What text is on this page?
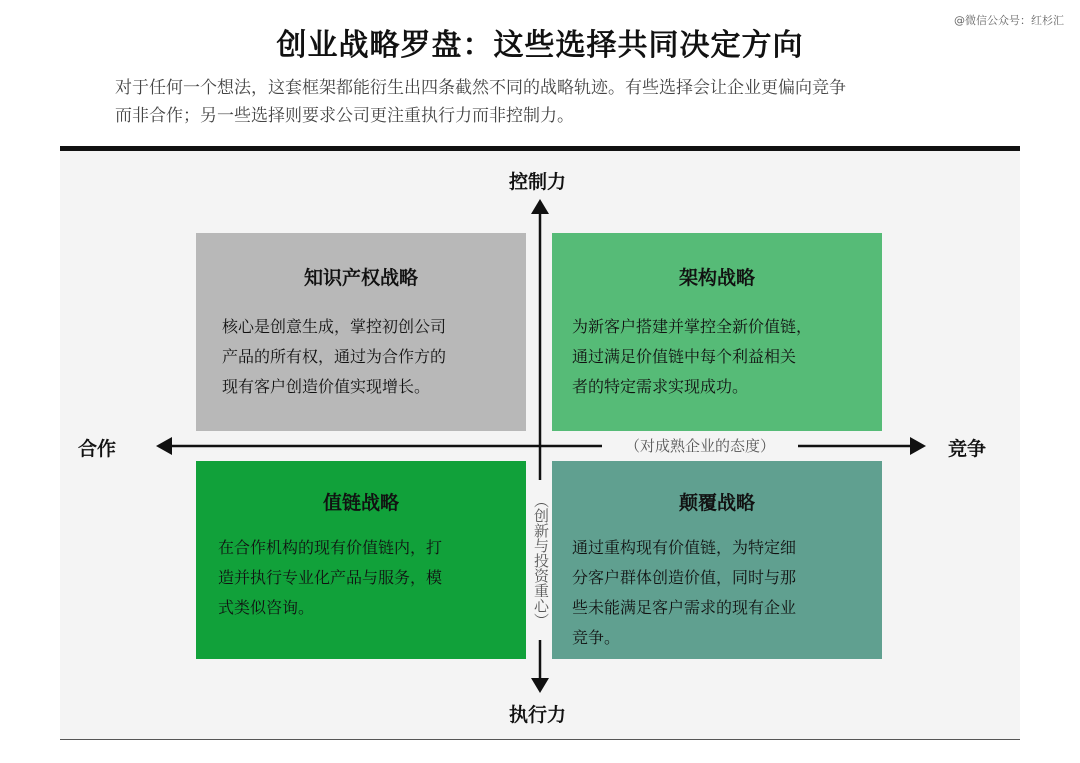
@微信公众号：红杉汇
创业战略罗盘：这些选择共同决定方向
对于任何一个想法，这套框架都能衍生出四条截然不同的战略轨迹。有些选择会让企业更偏向竞争
而非合作；另一些选择则要求公司更注重执行力而非控制力。
知识产权战略
核心是创意生成，掌控初创公司
产品的所有权，通过为合作方的
现有客户创造价值实现增长。
架构战略
为新客户搭建并掌控全新价值链，
通过满足价值链中每个利益相关
者的特定需求实现成功。
值链战略
在合作机构的现有价值链内，打
造并执行专业化产品与服务，模
式类似咨询。
颠覆战略
通过重构现有价值链，为特定细
分客户群体创造价值，同时与那
些未能满足客户需求的现有企业
竞争。
（对成熟企业的态度）
（创新与投资重心）
控制力
执行力
合作	竞争
